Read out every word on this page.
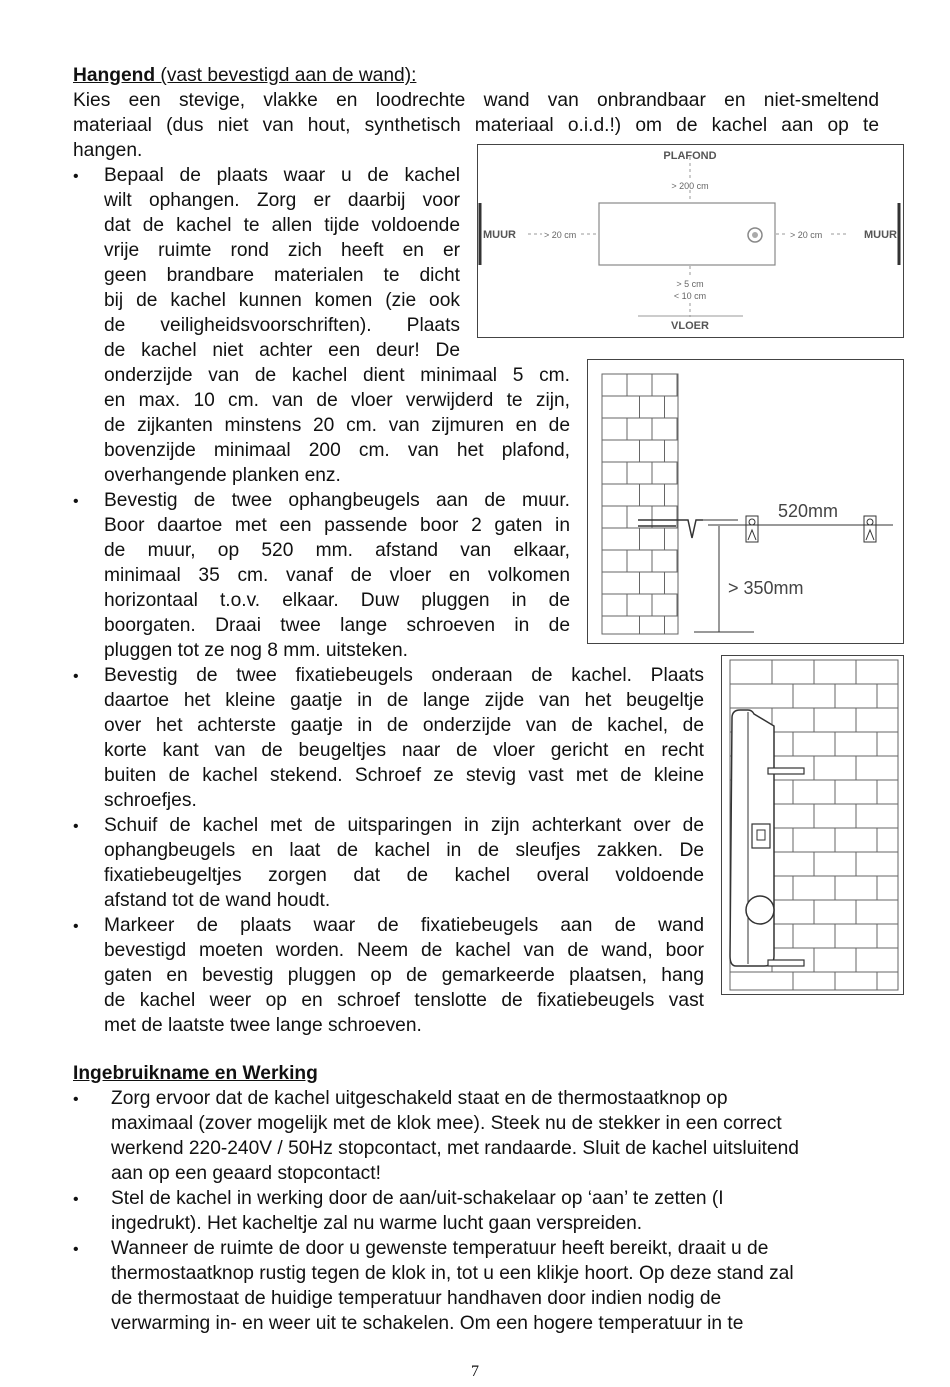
Hangend (vast bevestigd aan de wand):
Kies een stevige, vlakke en loodrechte wand van onbrandbaar en niet-smeltend
materiaal (dus niet van hout, synthetisch materiaal o.i.d.!) om de kachel aan op te
hangen.
• Bepaal de plaats waar u de kachel
wilt ophangen. Zorg er daarbij voor
dat de kachel te allen tijde voldoende
vrije ruimte rond zich heeft en er
geen brandbare materialen te dicht
bij de kachel kunnen komen (zie ook
de veiligheidsvoorschriften). Plaats
de kachel niet achter een deur! De
onderzijde van de kachel dient minimaal 5 cm.
en max. 10 cm. van de vloer verwijderd te zijn,
de zijkanten minstens 20 cm. van zijmuren en de
bovenzijde minimaal 200 cm. van het plafond,
overhangende planken enz.
• Bevestig de twee ophangbeugels aan de muur.
Boor daartoe met een passende boor 2 gaten in
de muur, op 520 mm. afstand van elkaar,
minimaal 35 cm. vanaf de vloer en volkomen
horizontaal t.o.v. elkaar. Duw pluggen in de
boorgaten. Draai twee lange schroeven in de
pluggen tot ze nog 8 mm. uitsteken.
• Bevestig de twee fixatiebeugels onderaan de kachel. Plaats
daartoe het kleine gaatje in de lange zijde van het beugeltje
over het achterste gaatje in de onderzijde van de kachel, de
korte kant van de beugeltjes naar de vloer gericht en recht
buiten de kachel stekend. Schroef ze stevig vast met de kleine
schroefjes.
• Schuif de kachel met de uitsparingen in zijn achterkant over de
ophangbeugels en laat de kachel in de sleufjes zakken. De
fixatiebeugeltjes zorgen dat de kachel overal voldoende
afstand tot de wand houdt.
• Markeer de plaats waar de fixatiebeugels aan de wand
bevestigd moeten worden. Neem de kachel van de wand, boor
gaten en bevestig pluggen op de gemarkeerde plaatsen, hang
de kachel weer op en schroef tenslotte de fixatiebeugels vast
met de laatste twee lange schroeven.
Ingebruikname en Werking
• Zorg ervoor dat de kachel uitgeschakeld staat en de thermostaatknop op
maximaal (zover mogelijk met de klok mee). Steek nu de stekker in een correct
werkend 220-240V / 50Hz stopcontact, met randaarde. Sluit de kachel uitsluitend
aan op een geaard stopcontact!
• Stel de kachel in werking door de aan/uit-schakelaar op ‘aan’ te zetten (I
ingedrukt). Het kacheltje zal nu warme lucht gaan verspreiden.
• Wanneer de ruimte de door u gewenste temperatuur heeft bereikt, draait u de
thermostaatknop rustig tegen de klok in, tot u een klikje hoort. Op deze stand zal
de thermostaat de huidige temperatuur handhaven door indien nodig de
verwarming in- en weer uit te schakelen. Om een hogere temperatuur in te
PLAFOND
> 200 cm
MUUR	> 20 cm	> 20 cm	MUUR
> 5 cm
< 10 cm
VLOER
520mm
> 350mm
7
